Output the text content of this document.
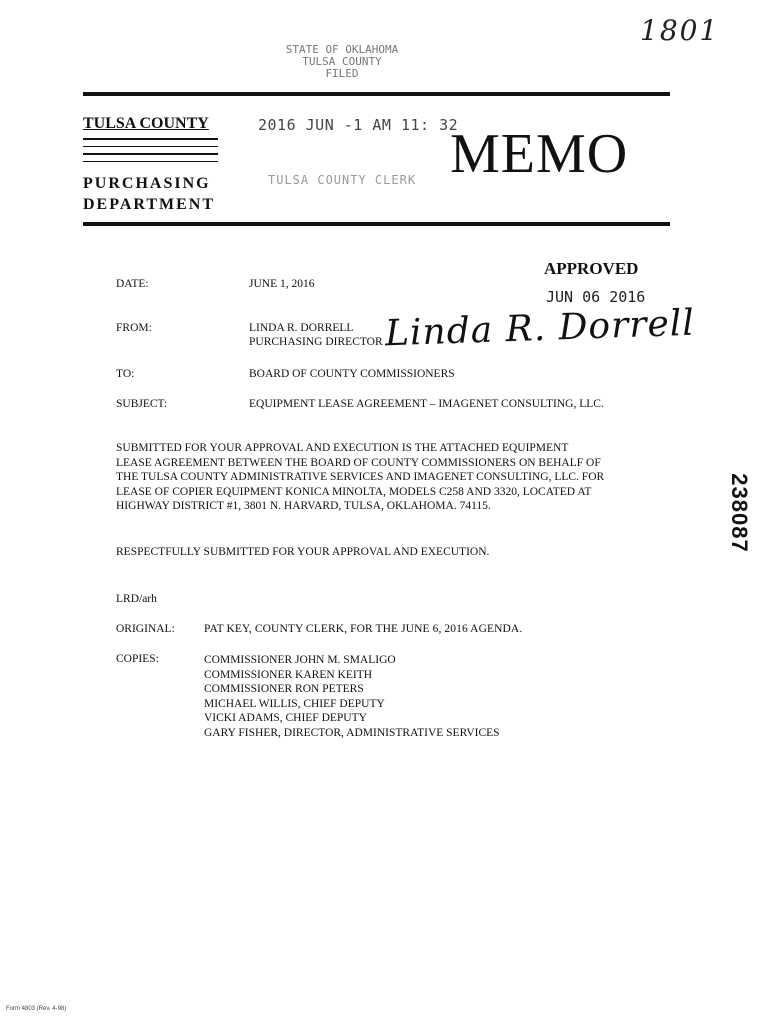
1801
STATE OF OKLAHOMA
TULSA COUNTY
FILED
TULSA COUNTY
PURCHASING
DEPARTMENT
2016 JUN -1 AM 11: 32
TULSA COUNTY CLERK MEMO
APPROVED
JUN 06 2016
DATE:	JUNE 1, 2016
FROM:	LINDA R. DORRELL
PURCHASING DIRECTOR Linda R. Dorrell
TO:	BOARD OF COUNTY COMMISSIONERS
SUBJECT:	EQUIPMENT LEASE AGREEMENT – IMAGENET CONSULTING, LLC.
SUBMITTED FOR YOUR APPROVAL AND EXECUTION IS THE ATTACHED EQUIPMENT
LEASE AGREEMENT BETWEEN THE BOARD OF COUNTY COMMISSIONERS ON BEHALF OF
THE TULSA COUNTY ADMINISTRATIVE SERVICES AND IMAGENET CONSULTING, LLC. FOR
LEASE OF COPIER EQUIPMENT KONICA MINOLTA, MODELS C258 AND 3320, LOCATED AT
HIGHWAY DISTRICT #1, 3801 N. HARVARD, TULSA, OKLAHOMA. 74115.
RESPECTFULLY SUBMITTED FOR YOUR APPROVAL AND EXECUTION.
LRD/arh
ORIGINAL:	PAT KEY, COUNTY CLERK, FOR THE JUNE 6, 2016 AGENDA.
COPIES:	COMMISSIONER JOHN M. SMALIGO
COMMISSIONER KAREN KEITH
COMMISSIONER RON PETERS
MICHAEL WILLIS, CHIEF DEPUTY
VICKI ADAMS, CHIEF DEPUTY
GARY FISHER, DIRECTOR, ADMINISTRATIVE SERVICES
238087
Form 4803 (Rev. 4-98)
